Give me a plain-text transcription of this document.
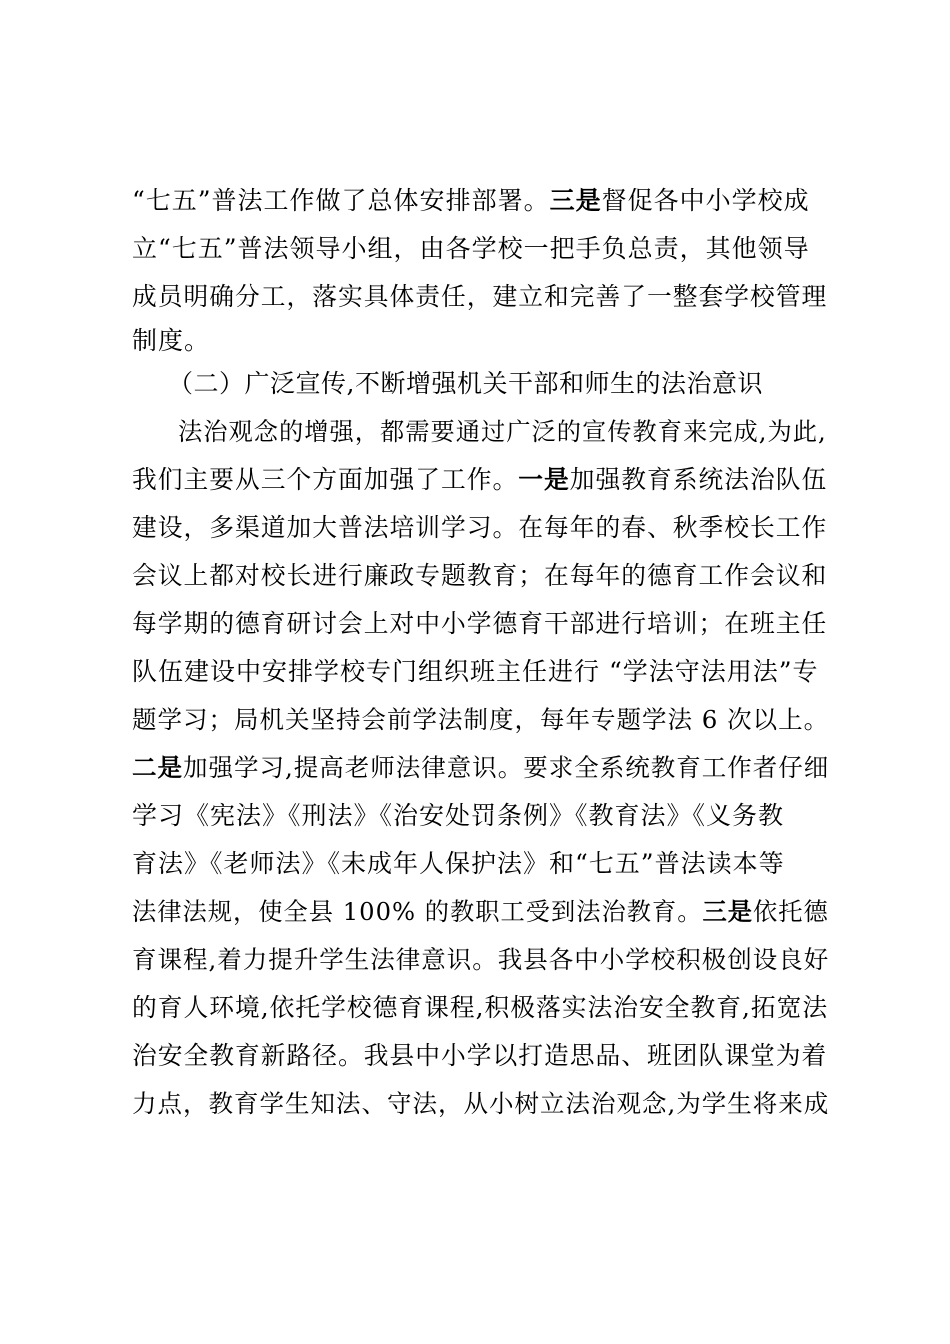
“七五”普法工作做了总体安排部署。三是督促各中小学校成
立“七五”普法领导小组，由各学校一把手负总责，其他领导
成员明确分工，落实具体责任，建立和完善了一整套学校管理
制度。
（二）广泛宣传,不断增强机关干部和师生的法治意识
法治观念的增强，都需要通过广泛的宣传教育来完成,为此,
我们主要从三个方面加强了工作。一是加强教育系统法治队伍
建设，多渠道加大普法培训学习。在每年的春、秋季校长工作
会议上都对校长进行廉政专题教育；在每年的德育工作会议和
每学期的德育研讨会上对中小学德育干部进行培训；在班主任
队伍建设中安排学校专门组织班主任进行 “学法守法用法”专
题学习；局机关坚持会前学法制度，每年专题学法 6 次以上。
二是加强学习,提高老师法律意识。要求全系统教育工作者仔细
学习《宪法》《刑法》《治安处罚条例》《教育法》《义务教
育法》《老师法》《未成年人保护法》和“七五”普法读本等
法律法规，使全县 100% 的教职工受到法治教育。三是依托德
育课程,着力提升学生法律意识。我县各中小学校积极创设良好
的育人环境,依托学校德育课程,积极落实法治安全教育,拓宽法
治安全教育新路径。我县中小学以打造思品、班团队课堂为着
力点，教育学生知法、守法，从小树立法治观念,为学生将来成
